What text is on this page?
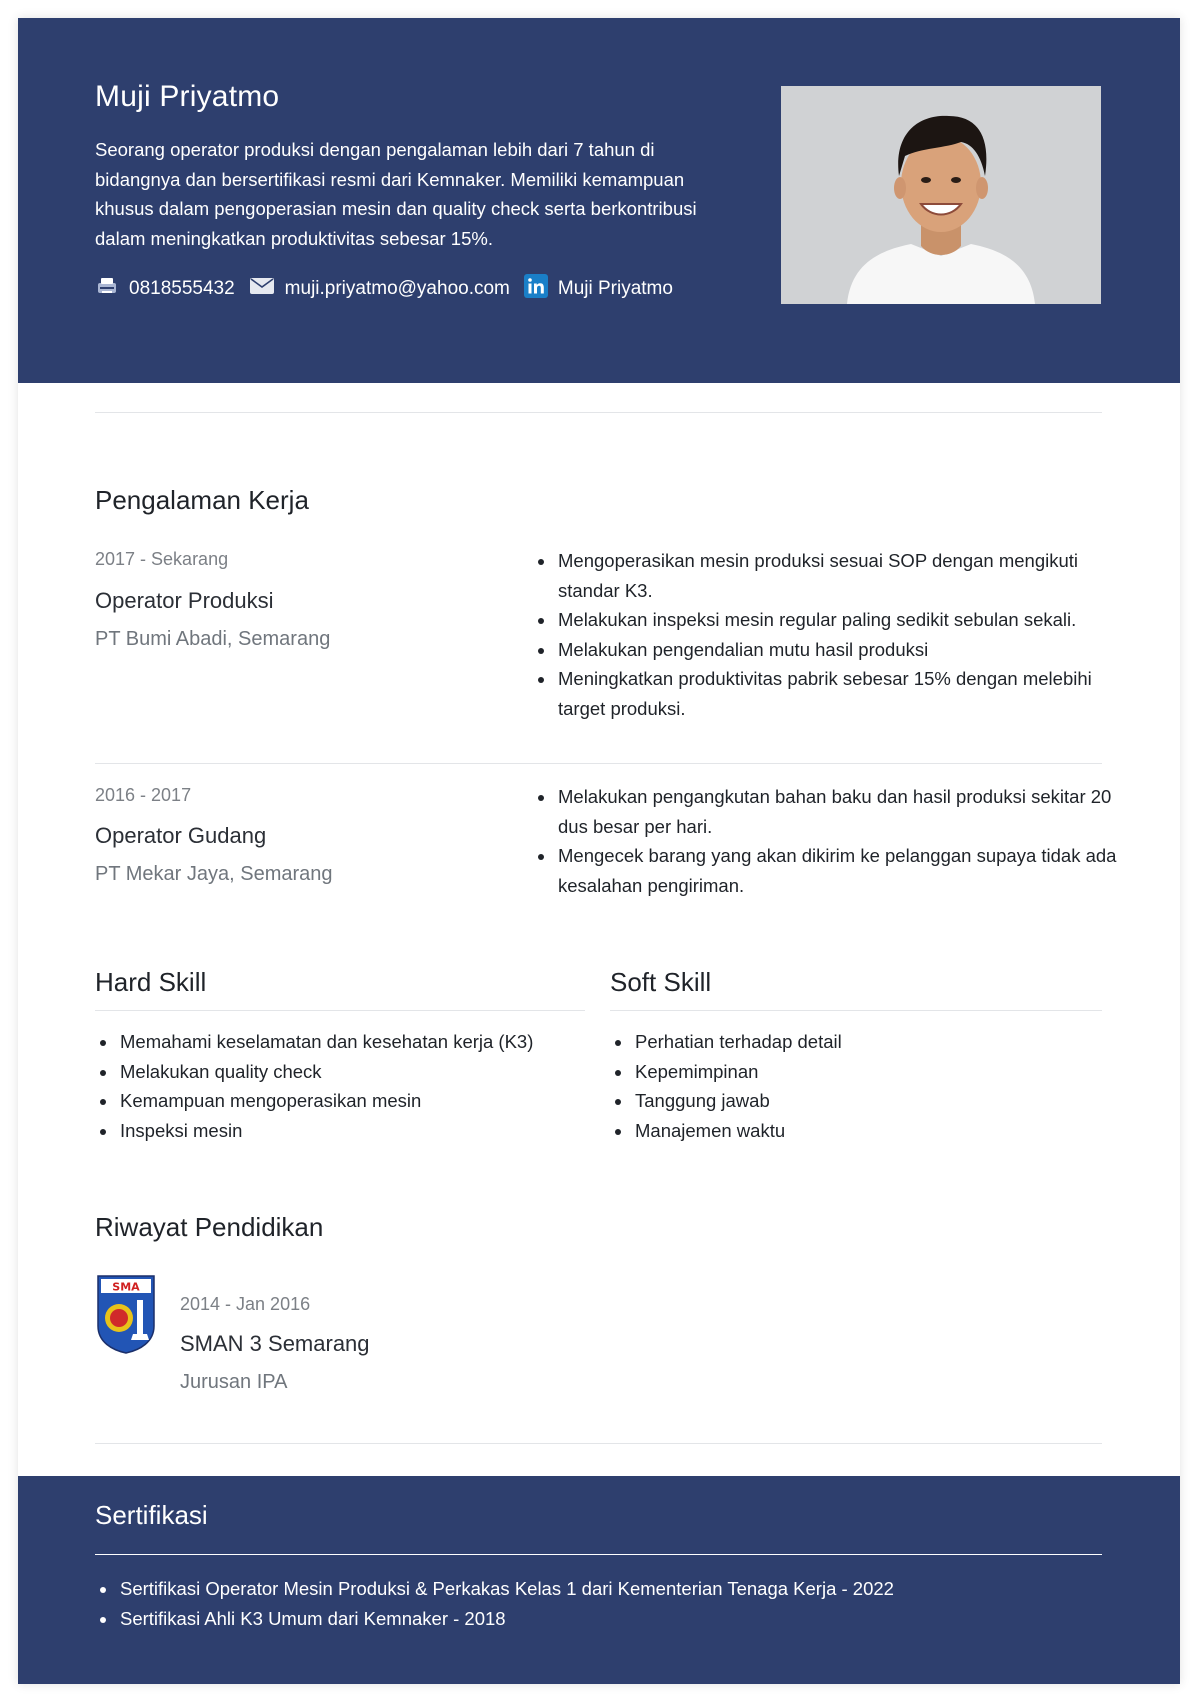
Muji Priyatmo

Seorang operator produksi dengan pengalaman lebih dari 7 tahun di bidangnya dan bersertifikasi resmi dari Kemnaker. Memiliki kemampuan khusus dalam pengoperasian mesin dan quality check serta berkontribusi dalam meningkatkan produktivitas sebesar 15%.

0818555432	muji.priyatmo@yahoo.com	Muji Priyatmo
Pengalaman Kerja
2017 - Sekarang
Operator Produksi
PT Bumi Abadi, Semarang
• Mengoperasikan mesin produksi sesuai SOP dengan mengikuti standar K3.
• Melakukan inspeksi mesin regular paling sedikit sebulan sekali.
• Melakukan pengendalian mutu hasil produksi
• Meningkatkan produktivitas pabrik sebesar 15% dengan melebihi target produksi.
2016 - 2017
Operator Gudang
PT Mekar Jaya, Semarang
• Melakukan pengangkutan bahan baku dan hasil produksi sekitar 20 dus besar per hari.
• Mengecek barang yang akan dikirim ke pelanggan supaya tidak ada kesalahan pengiriman.
Hard Skill
• Memahami keselamatan dan kesehatan kerja (K3)
• Melakukan quality check
• Kemampuan mengoperasikan mesin
• Inspeksi mesin
Soft Skill
• Perhatian terhadap detail
• Kepemimpinan
• Tanggung jawab
• Manajemen waktu
Riwayat Pendidikan
SMA
2014 - Jan 2016
SMAN 3 Semarang
Jurusan IPA
Sertifikasi
• Sertifikasi Operator Mesin Produksi & Perkakas Kelas 1 dari Kementerian Tenaga Kerja - 2022
• Sertifikasi Ahli K3 Umum dari Kemnaker - 2018
